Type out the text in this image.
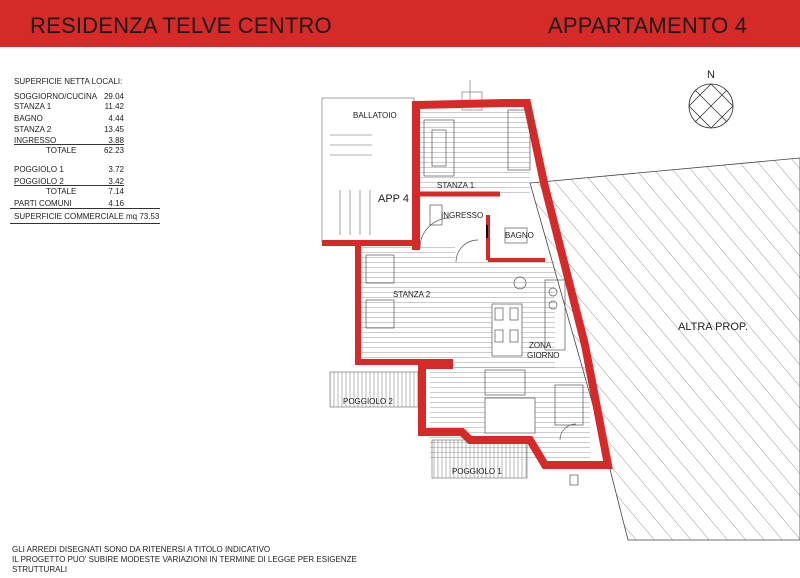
RESIDENZA TELVE CENTRO	APPARTAMENTO 4
SUPERFICIE NETTA LOCALI:
SOGGIORNO/CUCINA 29.04
STANZA 1	11.42
BAGNO	4.44
STANZA 2	13.45
INGRESSO	3.88
TOTALE	62.23
POGGIOLO 1	3.72
POGGIOLO 2	3.42
TOTALE	7.14
PARTI COMUNI	4.16
SUPERFICIE COMMERCIALE mq 73.53
N
BALLATOIO
APP 4
STANZA 1
INGRESSO
BAGNO
STANZA 2
ZONA
GIORNO
POGGIOLO 2
POGGIOLO 1
ALTRA PROP.
GLI ARREDI DISEGNATI SONO DA RITENERSI A TITOLO INDICATIVO
IL PROGETTO PUO' SUBIRE MODESTE VARIAZIONI IN TERMINE DI LEGGE PER ESIGENZE
STRUTTURALI
